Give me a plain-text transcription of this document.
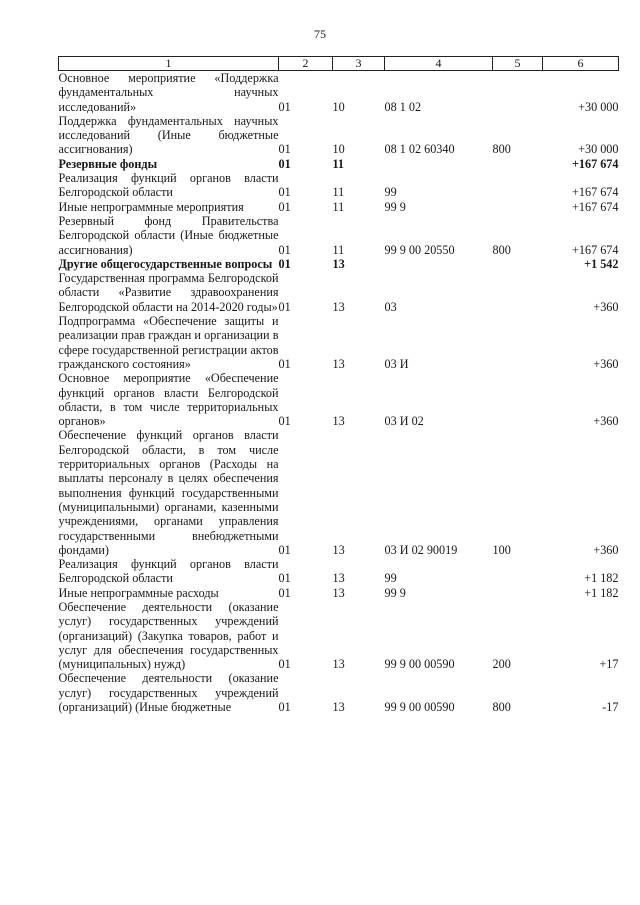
75
1	2	3	4	5	6
Основное мероприятие «Поддержка фундаментальных научных исследований»	01	10	08 1 02		+30 000
Поддержка фундаментальных научных исследований (Иные бюджетные ассигнования)	01	10	08 1 02 60340	800	+30 000
Резервные фонды	01	11			+167 674
Реализация функций органов власти Белгородской области	01	11	99		+167 674
Иные непрограммные мероприятия	01	11	99 9		+167 674
Резервный фонд Правительства Белгородской области (Иные бюджетные ассигнования)	01	11	99 9 00 20550	800	+167 674
Другие общегосударственные вопросы	01	13			+1 542
Государственная программа Белгородской области «Развитие здравоохранения Белгородской области на 2014-2020 годы»	01	13	03		+360
Подпрограмма «Обеспечение защиты и реализации прав граждан и организации в сфере государственной регистрации актов гражданского состояния»	01	13	03 И		+360
Основное мероприятие «Обеспечение функций органов власти Белгородской области, в том числе территориальных органов»	01	13	03 И 02		+360
Обеспечение функций органов власти Белгородской области, в том числе территориальных органов (Расходы на выплаты персоналу в целях обеспечения выполнения функций государственными (муниципальными) органами, казенными учреждениями, органами управления государственными внебюджетными фондами)	01	13	03 И 02 90019	100	+360
Реализация функций органов власти Белгородской области	01	13	99		+1 182
Иные непрограммные расходы	01	13	99 9		+1 182
Обеспечение деятельности (оказание услуг) государственных учреждений (организаций) (Закупка товаров, работ и услуг для обеспечения государственных (муниципальных) нужд)	01	13	99 9 00 00590	200	+17
Обеспечение деятельности (оказание услуг) государственных учреждений (организаций) (Иные бюджетные	01	13	99 9 00 00590	800	-17
